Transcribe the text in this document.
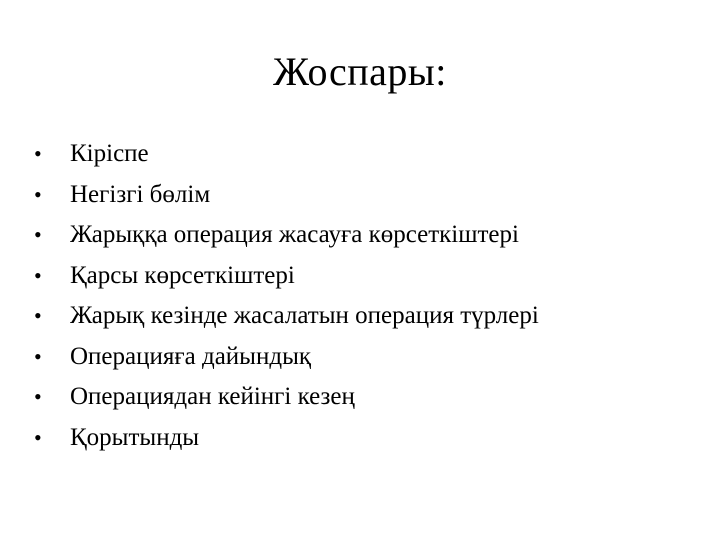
Жоспары:
•	Кіріспе
•	Негізгі бөлім
•	Жарыққа операция жасауға көрсеткіштері
•	Қарсы көрсеткіштері
•	Жарық кезінде жасалатын операция түрлері
•	Операцияға дайындық
•	Операциядан кейінгі кезең
•	Қорытынды
